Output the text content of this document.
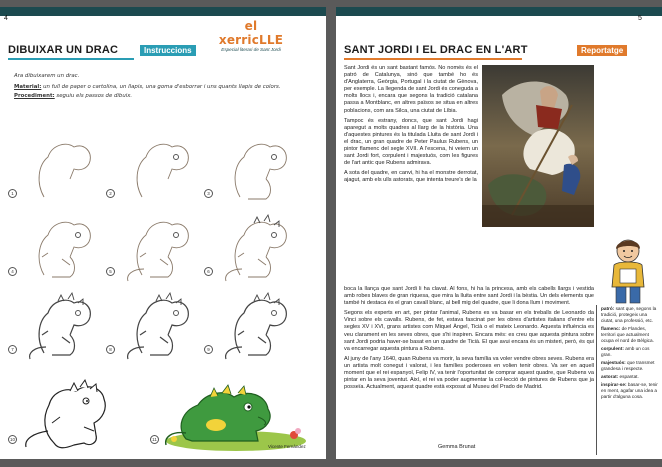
4
DIBUIXAR UN DRAC	Instruccions
el xerricLLE
Especial literari de Sant Jordi
Ara dibuixarem un drac.
Material: un full de paper o cartolina, un llapis, una goma d'esborrar i uns quants llapis de colors.
Procediment: seguiu els passos de dibuix.
1	2	3
4	5	6
7	8	9
10	11
Vicente Fernàndez
5
SANT JORDI I EL DRAC EN L'ART	Reportatge

Sant Jordi és un sant bastant famós. No només és el patró de Catalunya, sinó que també ho és d'Anglaterra, Geòrgia, Portugal i la ciutat de Gènova, per exemple. La llegenda de sant Jordi és coneguda a molts llocs i, encara que segons la tradició catalana passa a Montblanc, en altres països se situa en altres poblacions, com ara Silca, una ciutat de Líbia.

Tampoc és estrany, doncs, que sant Jordi hagi aparegut a molts quadres al llarg de la història. Una d'aquestes pintures és la titulada Lluita de sant Jordi i el drac, un gran quadre de Peter Paulus Rubens, un pintor flamenc del segle XVII. A l'escena, hi veiem un sant Jordi fort, corpulent i majestuós, com les figures de l'art antic que Rubens admirava.

A sota del quadre, en canvi, hi ha el monstre derrotat, ajagut, amb els ulls astorats, que intenta treure's de la

boca la llança que sant Jordi li ha clavat. Al fons, hi ha la princesa, amb els cabells llargs i vestida amb robes blaves de gran riquesa, que mira la lluita entre sant Jordi i la bèstia. Un dels elements que també hi destaca és el gran cavall blanc, al bell mig del quadre, que li dona llum i moviment.

Segons els experts en art, per pintar l'animal, Rubens es va basar en els treballs de Leonardo da Vinci sobre els cavalls. Rubens, de fet, estava fascinat per les obres d'artistes italians d'entre els segles XV i XVI, grans artistes com Miquel Àngel, Ticià o el mateix Leonardo. Aquesta influència es veu clarament en les seves obres, que s'hi inspiren. Encara més: es creu que aquesta pintura sobre sant Jordi podria haver-se basat en un quadre de Ticià. El que avui encara és un misteri, però, és qui va encarregar aquesta pintura a Rubens.

Al juny de l'any 1640, quan Rubens va morir, la seva família va voler vendre obres seves. Rubens era un artista molt conegut i valorat, i les famílies poderoses en volien tenir obres. Va ser en aquell moment que el rei espanyol, Felip IV, va tenir l'oportunitat de comprar aquest quadre, que Rubens va pintar en la seva joventut. Així, el rei va poder augmentar la col·lecció de pintures de Rubens que ja posseïa. Actualment, aquest quadre està exposat al Museu del Prado de Madrid.

Gemma Brunat

patró: sant que, segons la tradició, protegeix una ciutat, una professió, etc.

flamenc: de Flandes, territori que actualment ocupa el nord de Bèlgica.

corpulent: amb un cos gran.

majestuós: que transmet grandesa i respecte.

astorat: espantat.

inspirar-se: basar-se, tenir en ment, agafar una idea a partir d'alguna cosa.
